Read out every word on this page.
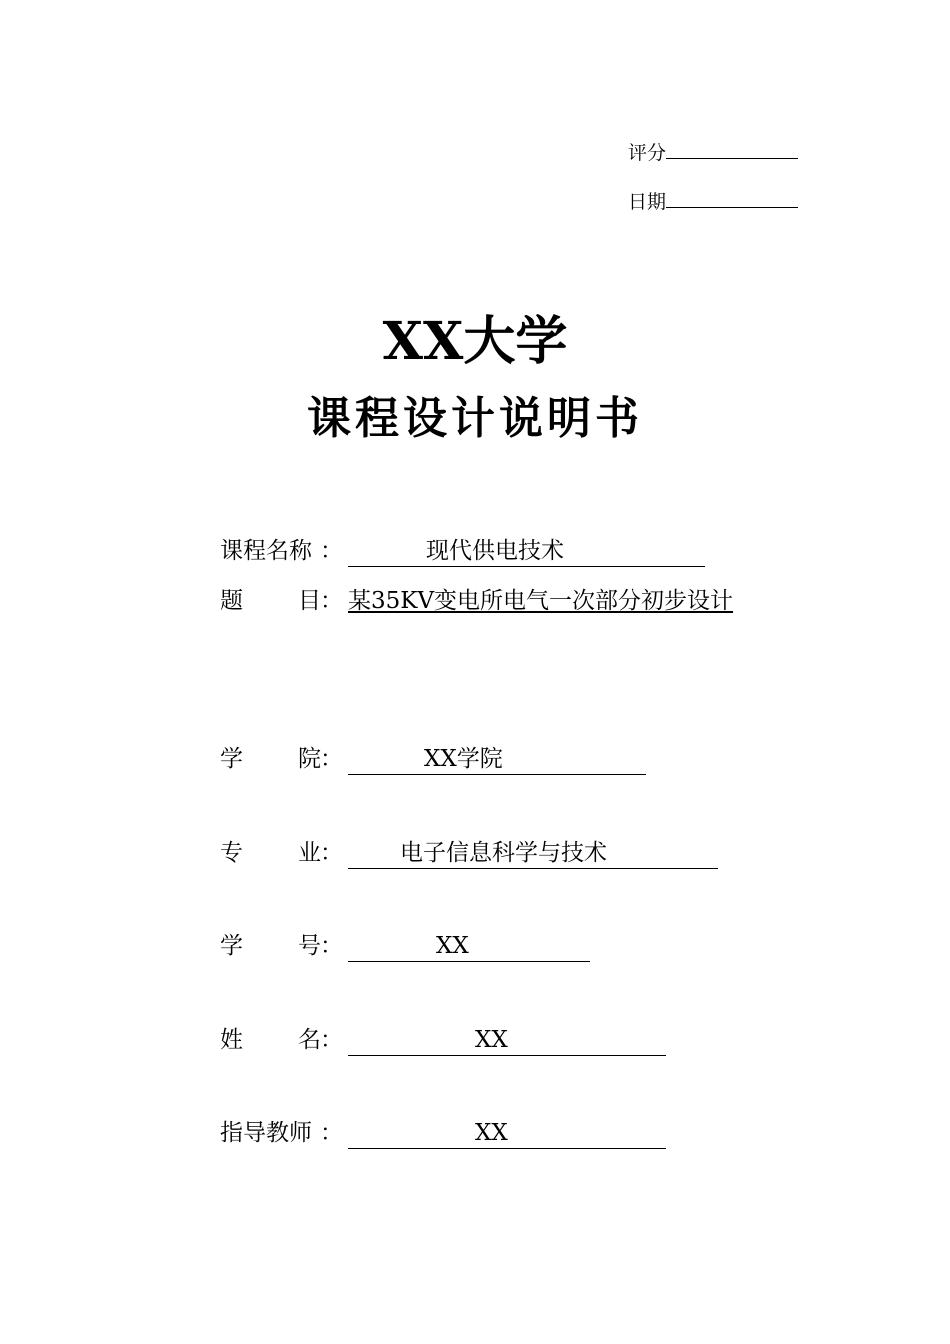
评分
日期
XX大学
课程设计说明书
课程名称 ：	现代供电技术
题 目 ： 某35KV变电所电气一次部分初步设计
学 院 ：	XX学院
专 业 ： 电子信息科学与技术
学 号 ：	XX
姓 名 ：	XX
指导教师 ：	XX
